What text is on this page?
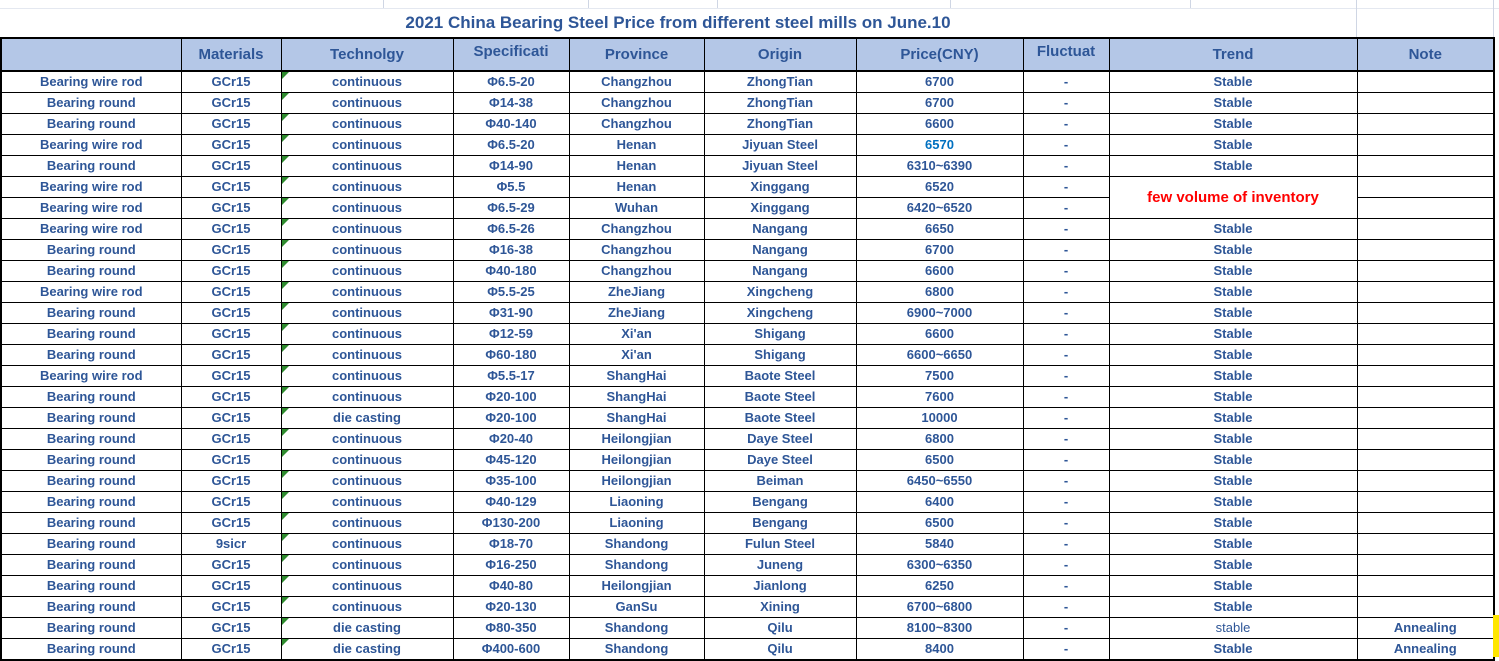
2021 China Bearing Steel Price from different steel mills on June.10
	Materials	Technolgy	Specificati	Province	Origin	Price(CNY)	Fluctuat	Trend	Note
Bearing wire rod	GCr15	continuous	Φ6.5-20	Changzhou	ZhongTian	6700	-	Stable	
Bearing round	GCr15	continuous	Φ14-38	Changzhou	ZhongTian	6700	-	Stable	
Bearing round	GCr15	continuous	Φ40-140	Changzhou	ZhongTian	6600	-	Stable	
Bearing wire rod	GCr15	continuous	Φ6.5-20	Henan	Jiyuan Steel	6570	-	Stable	
Bearing round	GCr15	continuous	Φ14-90	Henan	Jiyuan Steel	6310~6390	-	Stable	
Bearing wire rod	GCr15	continuous	Φ5.5	Henan	Xinggang	6520	-	few volume of inventory	
Bearing wire rod	GCr15	continuous	Φ6.5-29	Wuhan	Xinggang	6420~6520	-		
Bearing wire rod	GCr15	continuous	Φ6.5-26	Changzhou	Nangang	6650	-	Stable	
Bearing round	GCr15	continuous	Φ16-38	Changzhou	Nangang	6700	-	Stable	
Bearing round	GCr15	continuous	Φ40-180	Changzhou	Nangang	6600	-	Stable	
Bearing wire rod	GCr15	continuous	Φ5.5-25	ZheJiang	Xingcheng	6800	-	Stable	
Bearing round	GCr15	continuous	Φ31-90	ZheJiang	Xingcheng	6900~7000	-	Stable	
Bearing round	GCr15	continuous	Φ12-59	Xi'an	Shigang	6600	-	Stable	
Bearing round	GCr15	continuous	Φ60-180	Xi'an	Shigang	6600~6650	-	Stable	
Bearing wire rod	GCr15	continuous	Φ5.5-17	ShangHai	Baote Steel	7500	-	Stable	
Bearing round	GCr15	continuous	Φ20-100	ShangHai	Baote Steel	7600	-	Stable	
Bearing round	GCr15	die casting	Φ20-100	ShangHai	Baote Steel	10000	-	Stable	
Bearing round	GCr15	continuous	Φ20-40	Heilongjian	Daye Steel	6800	-	Stable	
Bearing round	GCr15	continuous	Φ45-120	Heilongjian	Daye Steel	6500	-	Stable	
Bearing round	GCr15	continuous	Φ35-100	Heilongjian	Beiman	6450~6550	-	Stable	
Bearing round	GCr15	continuous	Φ40-129	Liaoning	Bengang	6400	-	Stable	
Bearing round	GCr15	continuous	Φ130-200	Liaoning	Bengang	6500	-	Stable	
Bearing round	9sicr	continuous	Φ18-70	Shandong	Fulun Steel	5840	-	Stable	
Bearing round	GCr15	continuous	Φ16-250	Shandong	Juneng	6300~6350	-	Stable	
Bearing round	GCr15	continuous	Φ40-80	Heilongjian	Jianlong	6250	-	Stable	
Bearing round	GCr15	continuous	Φ20-130	GanSu	Xining	6700~6800	-	Stable	
Bearing round	GCr15	die casting	Φ80-350	Shandong	Qilu	8100~8300	-	stable	Annealing
Bearing round	GCr15	die casting	Φ400-600	Shandong	Qilu	8400	-	Stable	Annealing
